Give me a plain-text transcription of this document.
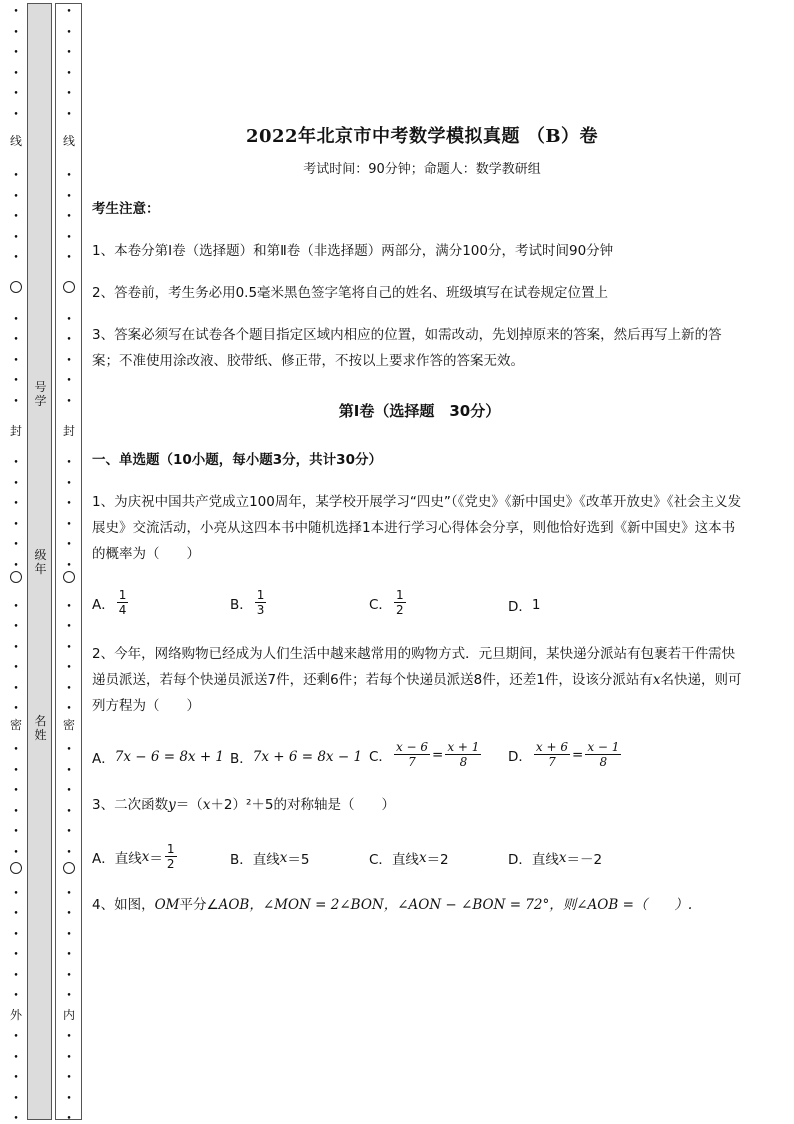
•
•
•
•
•
•
•
•
•
•
•
•
•
•
•
•
•
•
•
•
•
•
•
•
•
•
•
•
•
•
•
•
•
•
•
•
•
•
•
•
•
•
•
•
•
线
封
密
外
号学
级年
名姓
•
•
•
•
•
•
•
•
•
•
•
•
•
•
•
•
•
•
•
•
•
•
•
•
•
•
•
•
•
•
•
•
•
•
•
•
•
•
•
•
•
•
•
•
•
线
封
密
内
2022年北京市中考数学模拟真题 （B）卷
考试时间：90分钟；命题人：数学教研组
考生注意：
1、本卷分第I卷（选择题）和第Ⅱ卷（非选择题）两部分，满分100分，考试时间90分钟
2、答卷前，考生务必用0.5毫米黑色签字笔将自己的姓名、班级填写在试卷规定位置上
3、答案必须写在试卷各个题目指定区域内相应的位置，如需改动，先划掉原来的答案，然后再写上新的答案；不准使用涂改液、胶带纸、修正带，不按以上要求作答的答案无效。
第I卷（选择题　30分）
一、单选题（10小题，每小题3分，共计30分）
1、为庆祝中国共产党成立100周年，某学校开展学习“四史”（《党史》《新中国史》《改革开放史》《社会主义发展史》交流活动，小亮从这四本书中随机选择1本进行学习心得体会分享，则他恰好选到《新中国史》这本书的概率为（　　）
A． $\frac{1}{4}$	B． $\frac{1}{3}$	C． $\frac{1}{2}$	D． 1
2、今年，网络购物已经成为人们生活中越来越常用的购物方式．元旦期间，某快递分派站有包裹若干件需快递员派送，若每个快递员派送7件，还剩6件；若每个快递员派送8件，还差1件，设该分派站有x名快递，则可列方程为（　　）
A． 7x − 6 = 8x + 1 B． 7x + 6 = 8x − 1 C． $\frac{x - 6}{7} = \frac{x + 1}{8}$ D． $\frac{x + 6}{7} = \frac{x - 1}{8}$
3、二次函数y＝（x＋2）²＋5的对称轴是（　　）
A． 直线 $x = \frac{1}{2}$	B． 直线 x ＝5	C． 直线 x ＝2	D． 直线 x ＝－2
4、如图，OM平分∠AOB，∠MON = 2∠BON，∠AON − ∠BON = 72°，则∠AOB =（　　）.
